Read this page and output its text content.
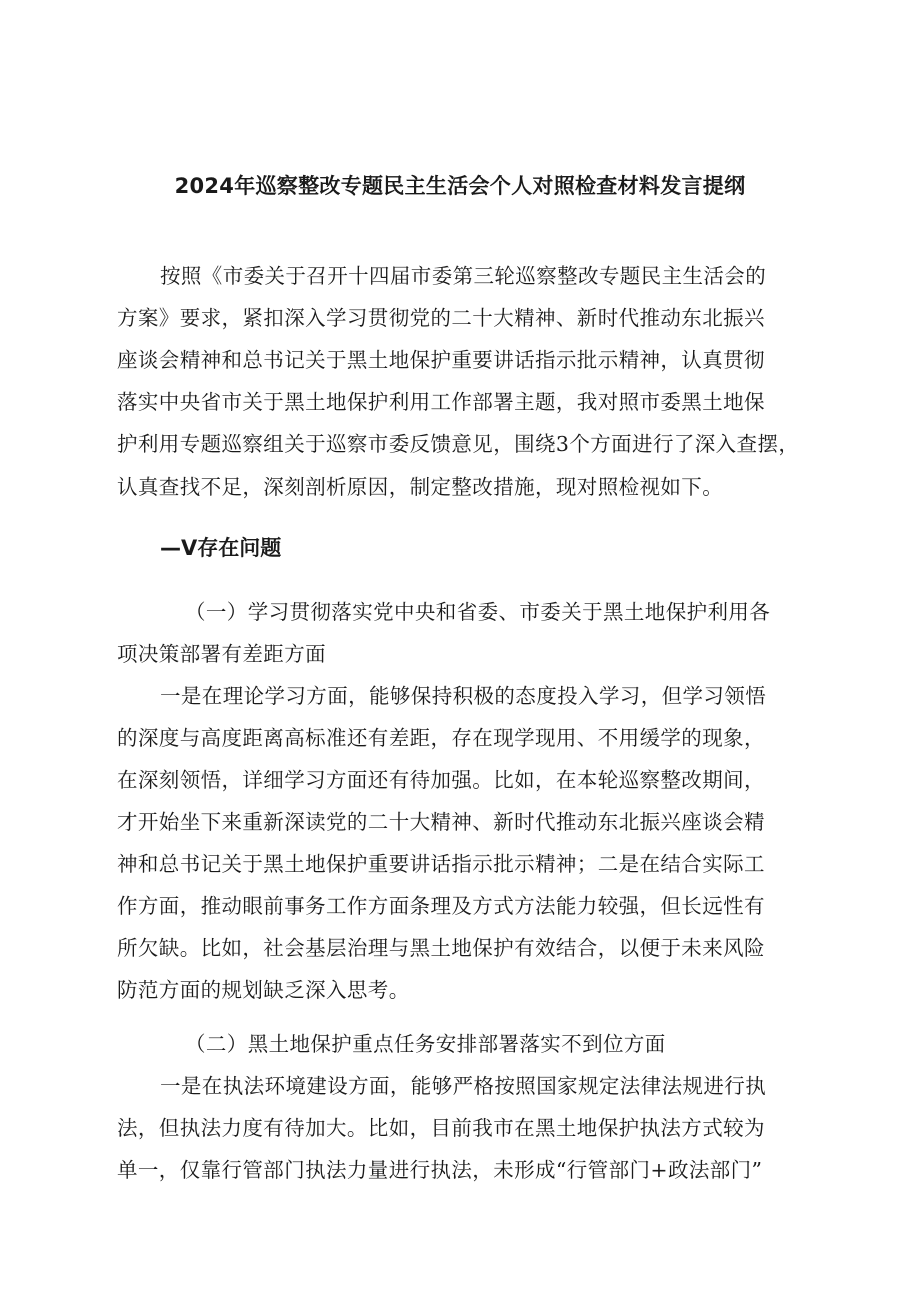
2024年巡察整改专题民主生活会个人对照检查材料发言提纲
按照《市委关于召开十四届市委第三轮巡察整改专题民主生活会的
方案》要求，紧扣深入学习贯彻党的二十大精神、新时代推动东北振兴
座谈会精神和总书记关于黑土地保护重要讲话指示批示精神，认真贯彻
落实中央省市关于黑土地保护利用工作部署主题，我对照市委黑土地保
护利用专题巡察组关于巡察市委反馈意见，围绕3个方面进行了深入查摆，
认真查找不足，深刻剖析原因，制定整改措施，现对照检视如下。
—V存在问题
（一）学习贯彻落实党中央和省委、市委关于黑土地保护利用各
项决策部署有差距方面
一是在理论学习方面，能够保持积极的态度投入学习，但学习领悟
的深度与高度距离高标准还有差距，存在现学现用、不用缓学的现象，
在深刻领悟，详细学习方面还有待加强。比如，在本轮巡察整改期间，
才开始坐下来重新深读党的二十大精神、新时代推动东北振兴座谈会精
神和总书记关于黑土地保护重要讲话指示批示精神；二是在结合实际工
作方面，推动眼前事务工作方面条理及方式方法能力较强，但长远性有
所欠缺。比如，社会基层治理与黑土地保护有效结合，以便于未来风险
防范方面的规划缺乏深入思考。
（二）黑土地保护重点任务安排部署落实不到位方面
一是在执法环境建设方面，能够严格按照国家规定法律法规进行执
法，但执法力度有待加大。比如，目前我市在黑土地保护执法方式较为
单一，仅靠行管部门执法力量进行执法，未形成“行管部门+政法部门”
